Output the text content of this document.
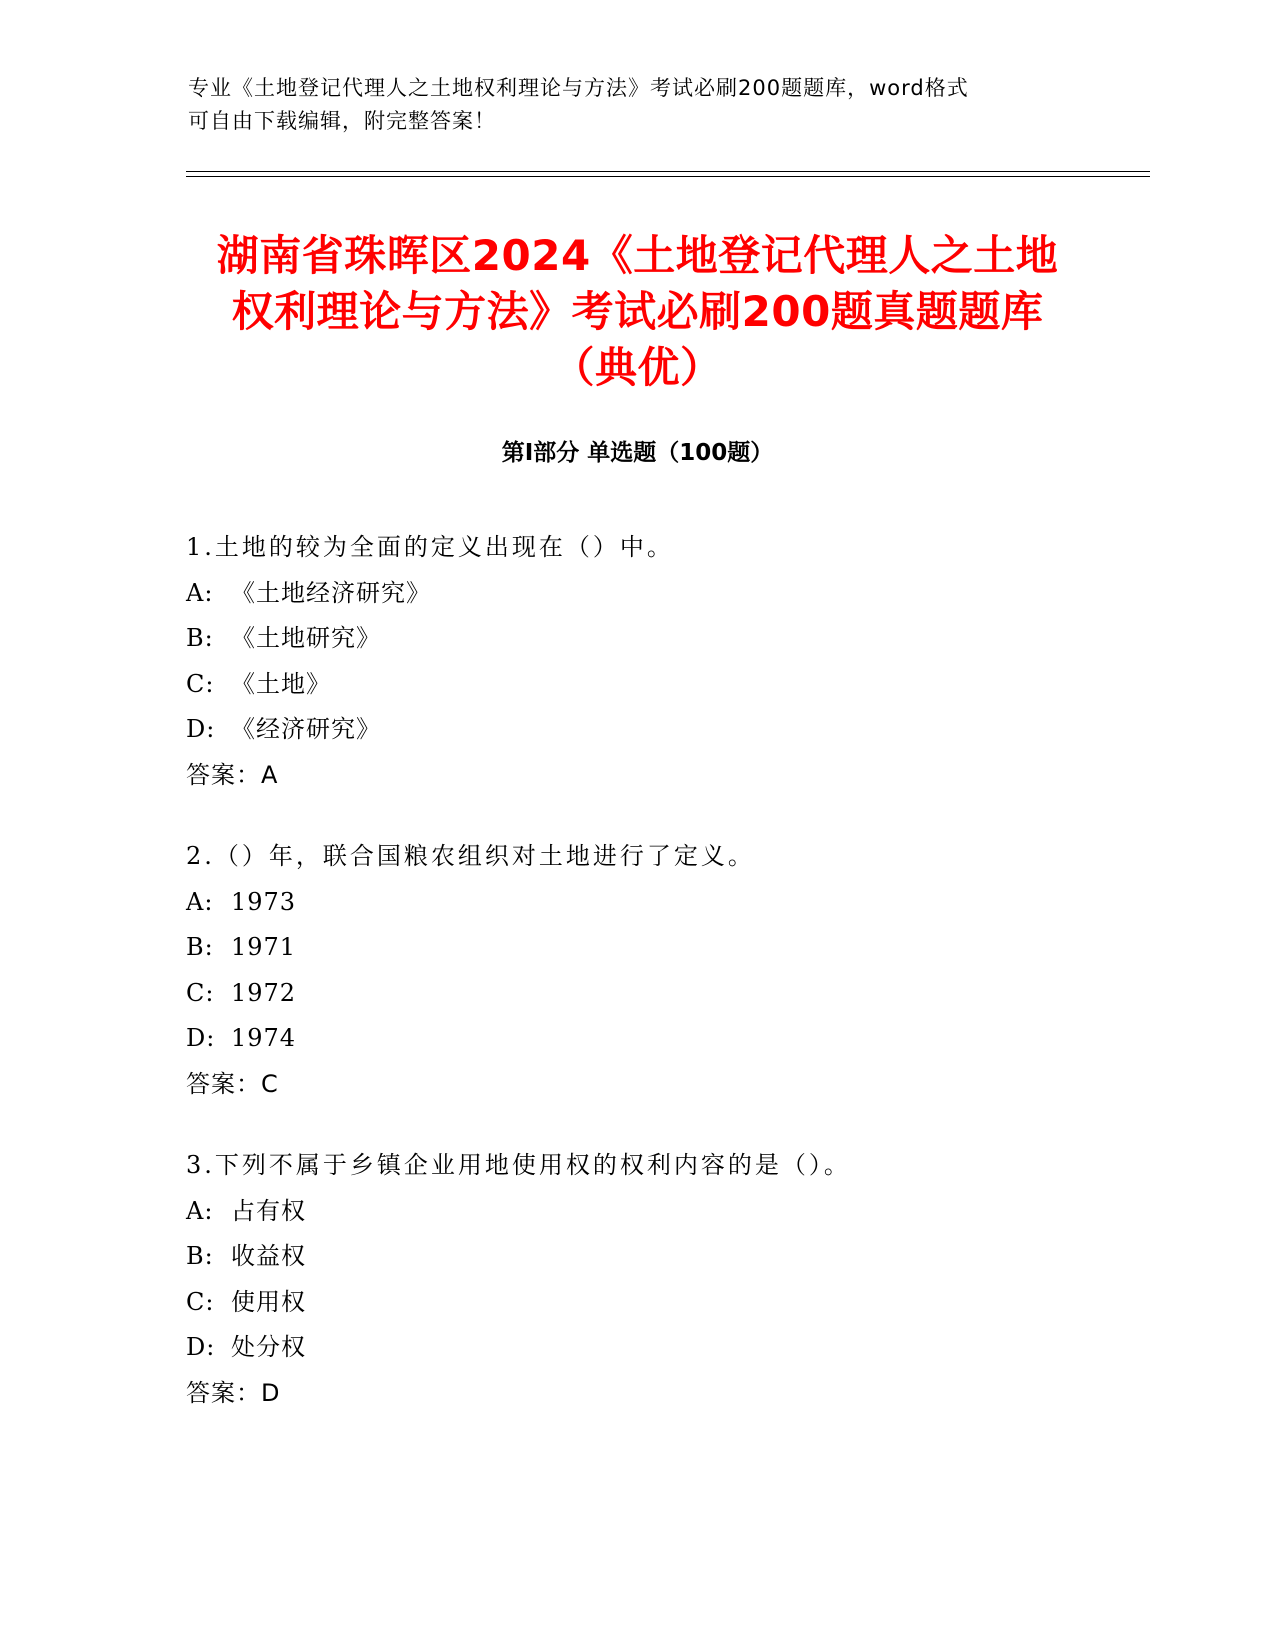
专业《土地登记代理人之土地权利理论与方法》考试必刷200题题库，word格式
可自由下载编辑，附完整答案！
湖南省珠晖区2024《土地登记代理人之土地
权利理论与方法》考试必刷200题真题题库
（典优）
第I部分 单选题（100题）
1.土地的较为全面的定义出现在（）中。
A: 《土地经济研究》
B: 《土地研究》
C: 《土地》
D: 《经济研究》
答案：A
2.（）年，联合国粮农组织对土地进行了定义。
A: 1973
B: 1971
C: 1972
D: 1974
答案：C
3.下列不属于乡镇企业用地使用权的权利内容的是（）。
A: 占有权
B: 收益权
C: 使用权
D: 处分权
答案：D
